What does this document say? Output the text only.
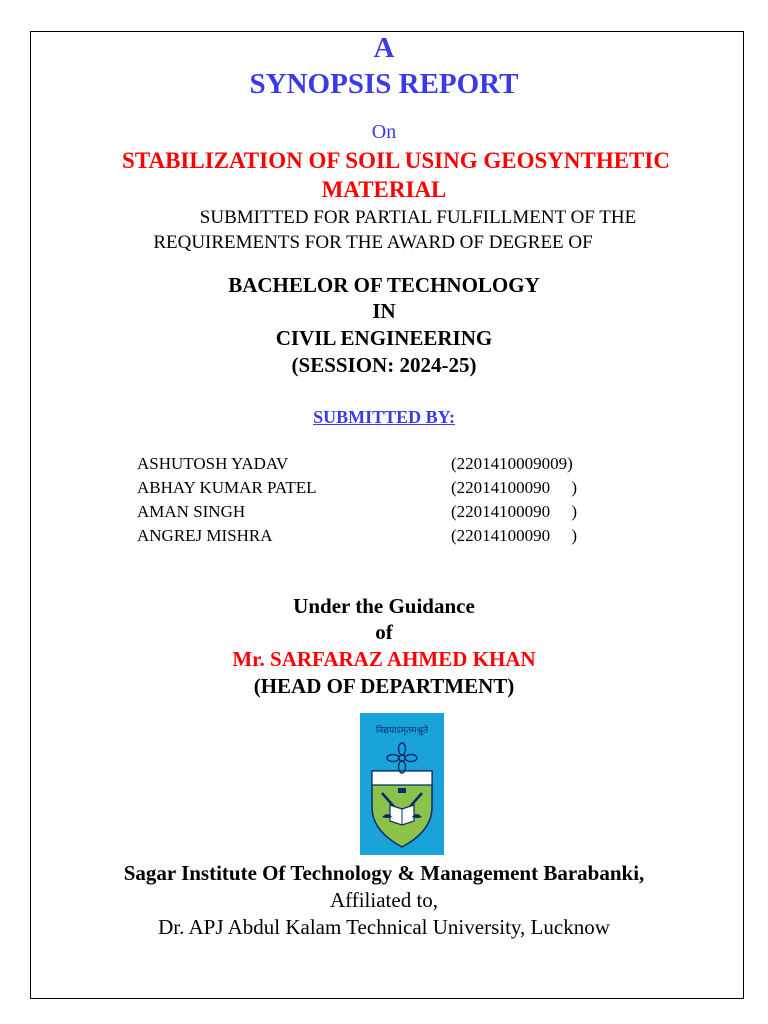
A
SYNOPSIS REPORT
On
STABILIZATION OF SOIL USING GEOSYNTHETIC
MATERIAL
SUBMITTED FOR PARTIAL FULFILLMENT OF THE
REQUIREMENTS FOR THE AWARD OF DEGREE OF
BACHELOR OF TECHNOLOGY
IN
CIVIL ENGINEERING
(SESSION: 2024-25)
SUBMITTED BY:
ASHUTOSH YADAV	(2201410009009)
ABHAY KUMAR PATEL	(22014100090     )
AMAN SINGH	(22014100090     )
ANGREJ MISHRA	(22014100090     )
Under the Guidance
of
Mr. SARFARAZ AHMED KHAN
(HEAD OF DEPARTMENT)
विद्ययाऽमृतमश्नुते
Sagar Institute Of Technology & Management Barabanki,
Affiliated to,
Dr. APJ Abdul Kalam Technical University, Lucknow
